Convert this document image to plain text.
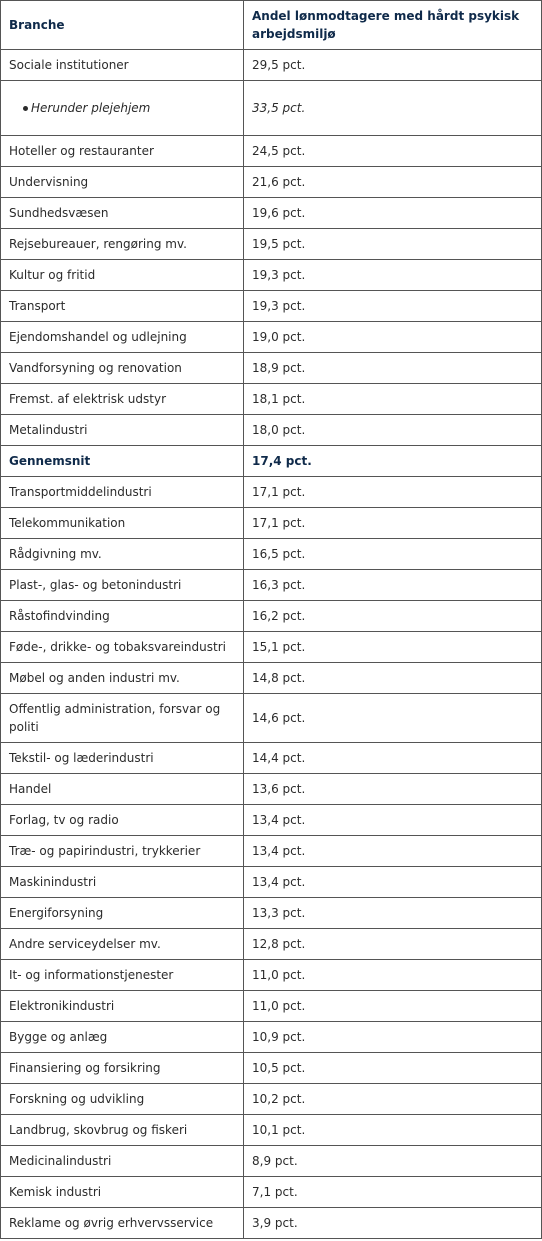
Branche	Andel lønmodtagere med hårdt psykisk arbejdsmiljø
Sociale institutioner	29,5 pct.

Herunder plejehjem	33,5 pct.
Hoteller og restauranter	24,5 pct.
Undervisning	21,6 pct.
Sundhedsvæsen	19,6 pct.
Rejsebureauer, rengøring mv.	19,5 pct.
Kultur og fritid	19,3 pct.
Transport	19,3 pct.
Ejendomshandel og udlejning	19,0 pct.
Vandforsyning og renovation	18,9 pct.
Fremst. af elektrisk udstyr	18,1 pct.
Metalindustri	18,0 pct.
Gennemsnit	17,4 pct.
Transportmiddelindustri	17,1 pct.
Telekommunikation	17,1 pct.
Rådgivning mv.	16,5 pct.
Plast-, glas- og betonindustri	16,3 pct.
Råstofindvinding	16,2 pct.
Føde-, drikke- og tobaksvareindustri	15,1 pct.
Møbel og anden industri mv.	14,8 pct.
Offentlig administration, forsvar og politi	14,6 pct.
Tekstil- og læderindustri	14,4 pct.
Handel	13,6 pct.
Forlag, tv og radio	13,4 pct.
Træ- og papirindustri, trykkerier	13,4 pct.
Maskinindustri	13,4 pct.
Energiforsyning	13,3 pct.
Andre serviceydelser mv.	12,8 pct.
It- og informationstjenester	11,0 pct.
Elektronikindustri	11,0 pct.
Bygge og anlæg	10,9 pct.
Finansiering og forsikring	10,5 pct.
Forskning og udvikling	10,2 pct.
Landbrug, skovbrug og fiskeri	10,1 pct.
Medicinalindustri	8,9 pct.
Kemisk industri	7,1 pct.
Reklame og øvrig erhvervsservice	3,9 pct.
